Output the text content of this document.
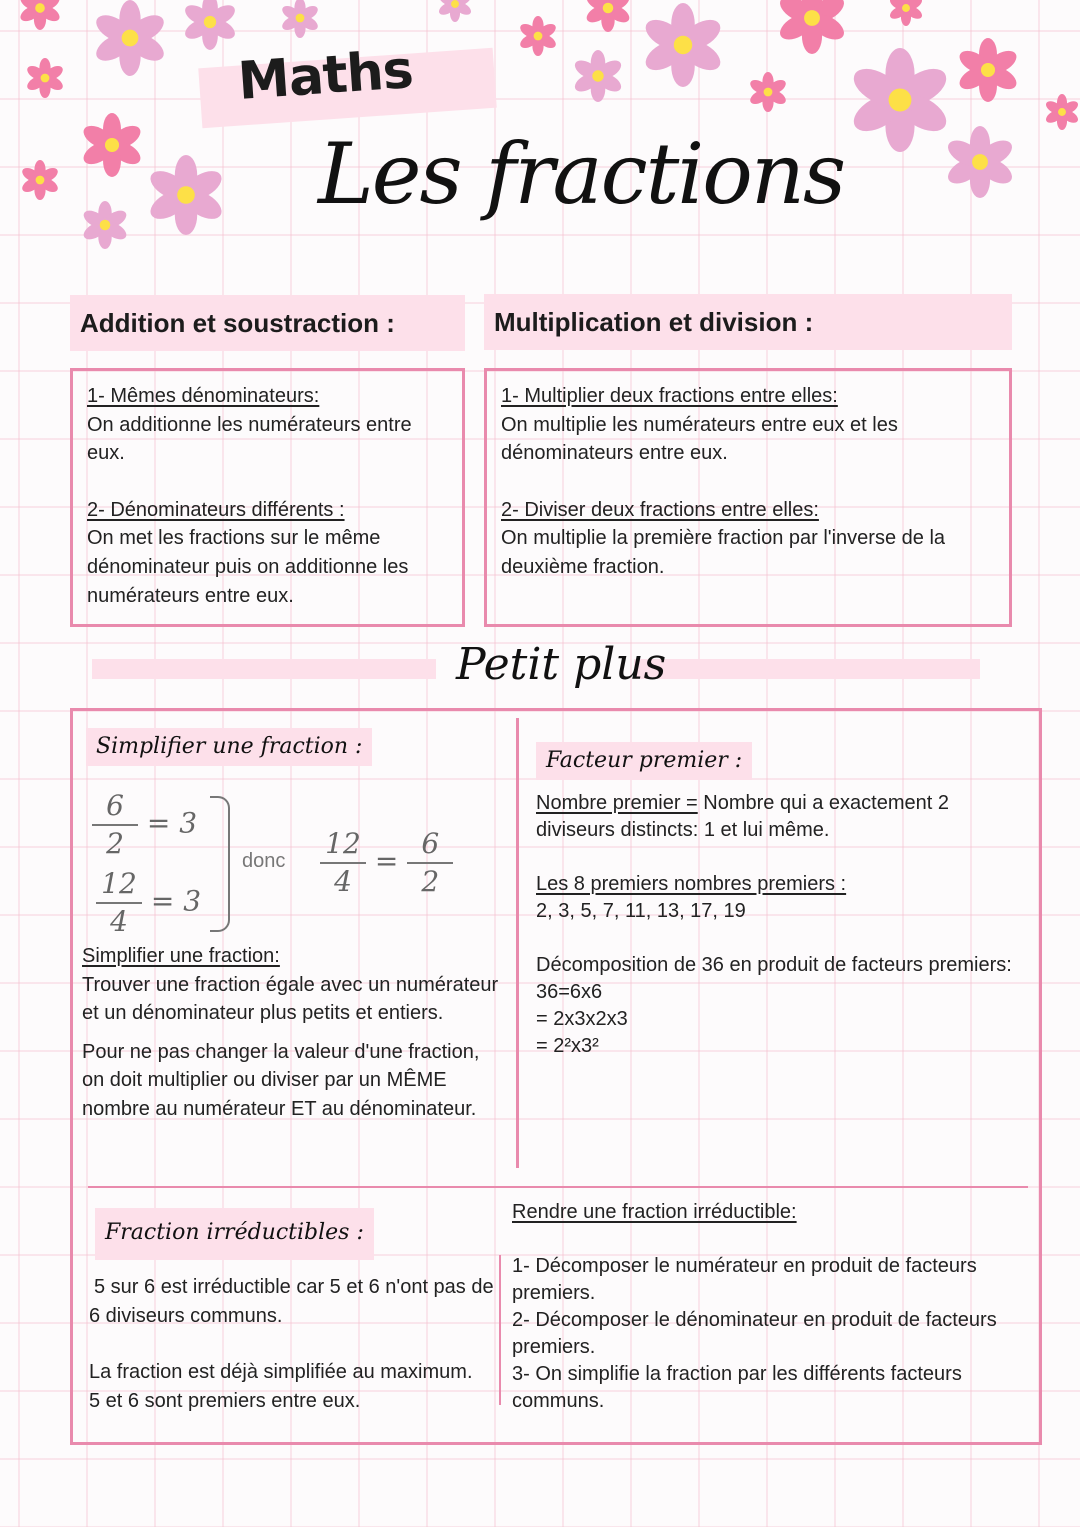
Maths
Les fractions
Addition et soustraction :	Multiplication et division :
1- Mêmes dénominateurs:
On additionne les numérateurs entre eux.
2- Dénominateurs différents :
On met les fractions sur le même dénominateur puis on additionne les numérateurs entre eux.
1- Multiplier deux fractions entre elles:
On multiplie les numérateurs entre eux et les dénominateurs entre eux.
2- Diviser deux fractions entre elles:
On multiplie la première fraction par l'inverse de la deuxième fraction.
Petit plus
Simplifier une fraction :
$\frac{6}{2} = 3$
$\frac{12}{4} = 3$
donc $\frac{12}{4} = \frac{6}{2}$
Simplifier une fraction:
Trouver une fraction égale avec un numérateur et un dénominateur plus petits et entiers.
Pour ne pas changer la valeur d'une fraction, on doit multiplier ou diviser par un MÊME nombre au numérateur ET au dénominateur.
Facteur premier :
Nombre premier = Nombre qui a exactement 2 diviseurs distincts: 1 et lui même.
Les 8 premiers nombres premiers :
2, 3, 5, 7, 11, 13, 17, 19
Décomposition de 36 en produit de facteurs premiers:
36=6x6
= 2x3x2x3
= 2²x3²
Fraction irréductibles :
5 sur 6 est irréductible car 5 et 6 n'ont pas de 6 diviseurs communs.
La fraction est déjà simplifiée au maximum.
5 et 6 sont premiers entre eux.
Rendre une fraction irréductible:
1- Décomposer le numérateur en produit de facteurs premiers.
2- Décomposer le dénominateur en produit de facteurs premiers.
3- On simplifie la fraction par les différents facteurs communs.
